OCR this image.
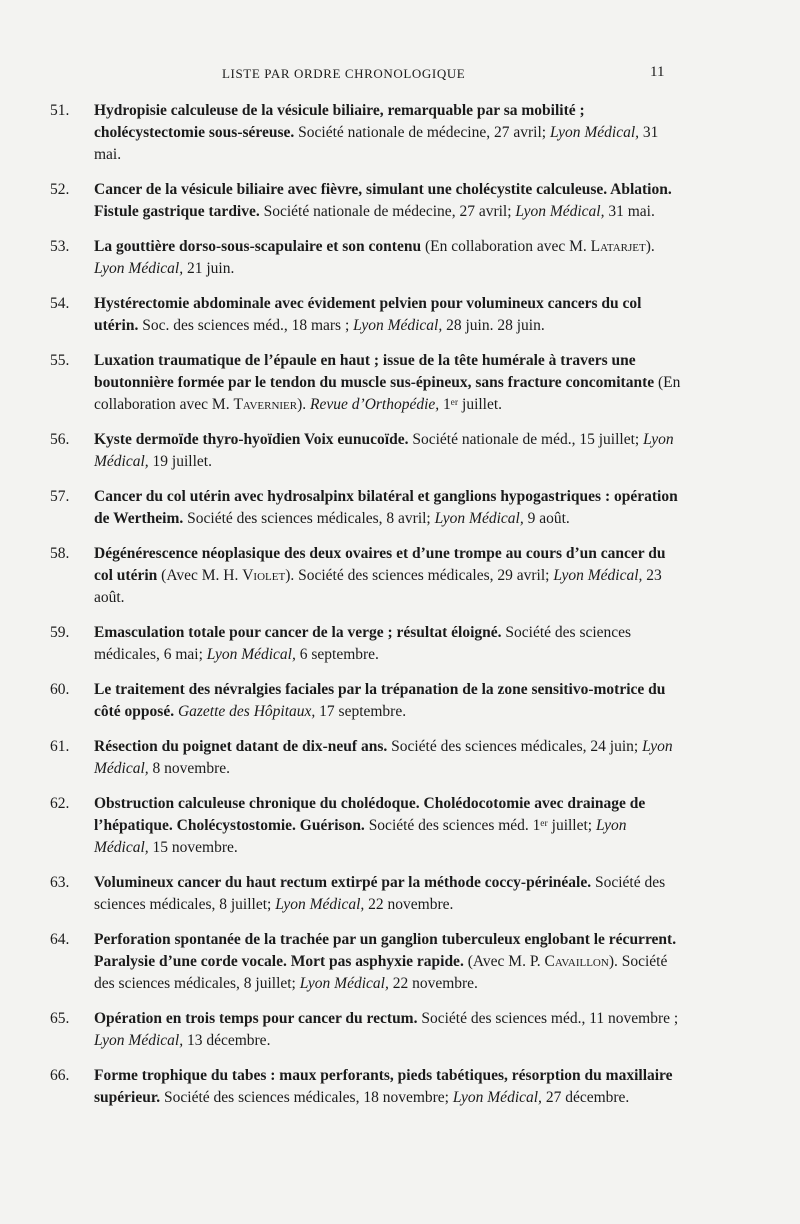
LISTE PAR ORDRE CHRONOLOGIQUE	11

51.	Hydropisie calculeuse de la vésicule biliaire, remarquable par sa mobilité ; cholécystectomie sous-séreuse. Société nationale de médecine, 27 avril; Lyon Médical, 31 mai.

52.	Cancer de la vésicule biliaire avec fièvre, simulant une cholécystite calculeuse. Ablation. Fistule gastrique tardive. Société nationale de médecine, 27 avril; Lyon Médical, 31 mai.

53.	La gouttière dorso-sous-scapulaire et son contenu (En collaboration avec M. Latarjet). Lyon Médical, 21 juin.

54.	Hystérectomie abdominale avec évidement pelvien pour volumineux cancers du col utérin. Soc. des sciences méd., 18 mars ; Lyon Médical, 28 juin. 28 juin.

55.	Luxation traumatique de l’épaule en haut ; issue de la tête humérale à travers une boutonnière formée par le tendon du muscle sus-épineux, sans fracture concomitante (En collaboration avec M. Tavernier). Revue d’Orthopédie, 1ᵉʳ juillet.

56.	Kyste dermoïde thyro-hyoïdien Voix eunucoïde. Société nationale de méd., 15 juillet; Lyon Médical, 19 juillet.

57.	Cancer du col utérin avec hydrosalpinx bilatéral et ganglions hypogastriques : opération de Wertheim. Société des sciences médicales, 8 avril; Lyon Médical, 9 août.

58.	Dégénérescence néoplasique des deux ovaires et d’une trompe au cours d’un cancer du col utérin (Avec M. H. Violet). Société des sciences médicales, 29 avril; Lyon Médical, 23 août.

59.	Emasculation totale pour cancer de la verge ; résultat éloigné. Société des sciences médicales, 6 mai; Lyon Médical, 6 septembre.

60.	Le traitement des névralgies faciales par la trépanation de la zone sensitivo-motrice du côté opposé. Gazette des Hôpitaux, 17 septembre.

61.	Résection du poignet datant de dix-neuf ans. Société des sciences médicales, 24 juin; Lyon Médical, 8 novembre.

62.	Obstruction calculeuse chronique du cholédoque. Cholédocotomie avec drainage de l’hépatique. Cholécystostomie. Guérison. Société des sciences méd. 1ᵉʳ juillet; Lyon Médical, 15 novembre.

63.	Volumineux cancer du haut rectum extirpé par la méthode coccy-périnéale. Société des sciences médicales, 8 juillet; Lyon Médical, 22 novembre.

64.	Perforation spontanée de la trachée par un ganglion tuberculeux englobant le récurrent. Paralysie d’une corde vocale. Mort pas asphyxie rapide. (Avec M. P. Cavaillon). Société des sciences médicales, 8 juillet; Lyon Médical, 22 novembre.

65.	Opération en trois temps pour cancer du rectum. Société des sciences méd., 11 novembre ; Lyon Médical, 13 décembre.

66.	Forme trophique du tabes : maux perforants, pieds tabétiques, résorption du maxillaire supérieur. Société des sciences médicales, 18 novembre; Lyon Médical, 27 décembre.
